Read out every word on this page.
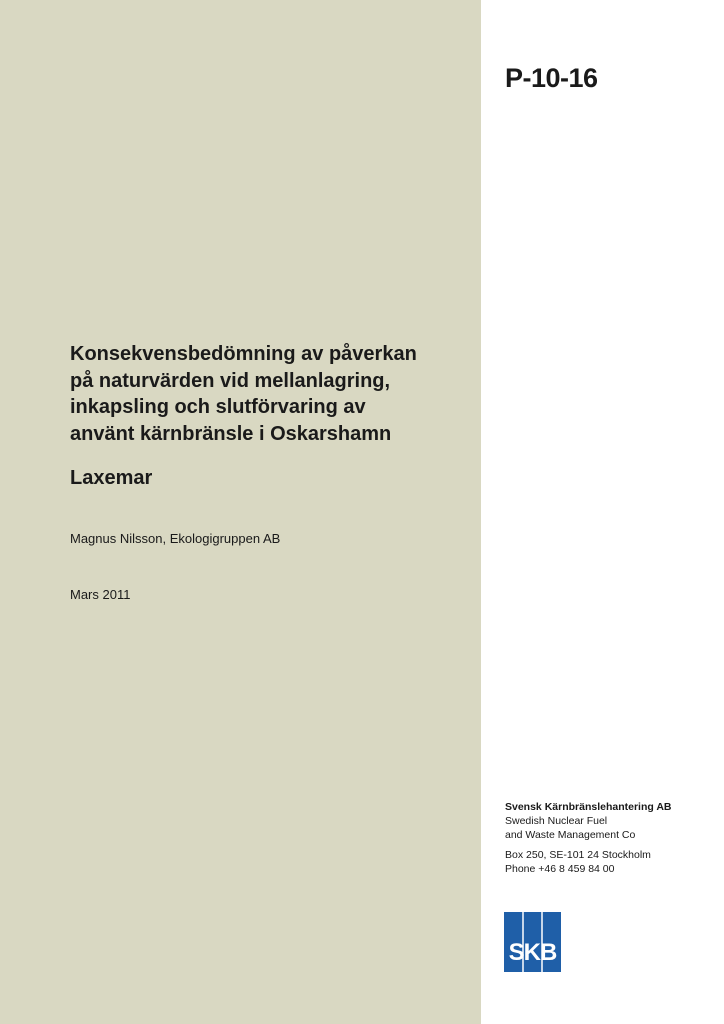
P-10-16
Konsekvensbedömning av påverkan
på naturvärden vid mellanlagring,
inkapsling och slutförvaring av
använt kärnbränsle i Oskarshamn
Laxemar
Magnus Nilsson, Ekologigruppen AB
Mars 2011
Svensk Kärnbränslehantering AB
Swedish Nuclear Fuel
and Waste Management Co
Box 250, SE-101 24 Stockholm
Phone +46 8 459 84 00
SKB
